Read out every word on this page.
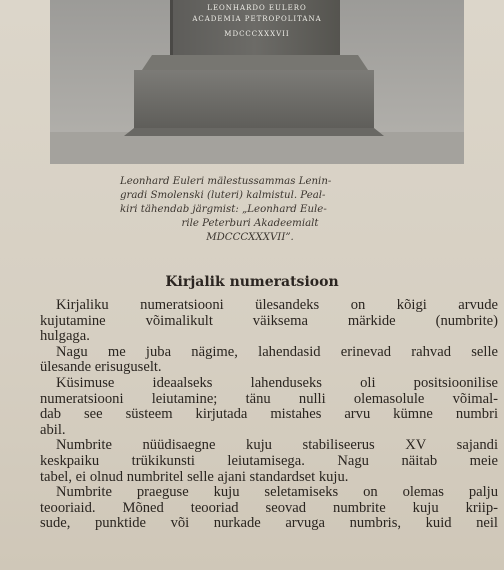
LEONHARDO EULERO
ACADEMIA PETROPOLITANA
MDCCCXXXVII
Leonhard Euleri mälestussammas Lenin-
gradi Smolenski (luteri) kalmistul. Peal-
kiri tähendab järgmist: „Leonhard Eule-
rile Peterburi Akadeemialt
MDCCCXXXVII”.
Kirjalik numeratsioon
Kirjaliku numeratsiooni ülesandeks on kõigi arvude
kujutamine võimalikult väiksema märkide (numbrite)
hulgaga.
Nagu me juba nägime, lahendasid erinevad rahvad selle
ülesande erisuguselt.
Küsimuse ideaalseks lahenduseks oli positsioonilise
numeratsiooni leiutamine; tänu nulli olemasolule võimal-
dab see süsteem kirjutada mistahes arvu kümne numbri
abil.
Numbrite nüüdisaegne kuju stabiliseerus XV sajandi
keskpaiku trükikunsti leiutamisega. Nagu näitab meie
tabel, ei olnud numbritel selle ajani standardset kuju.
Numbrite praeguse kuju seletamiseks on olemas palju
teooriaid. Mõned teooriad seovad numbrite kuju kriip-
sude, punktide või nurkade arvuga numbris, kuid neil
